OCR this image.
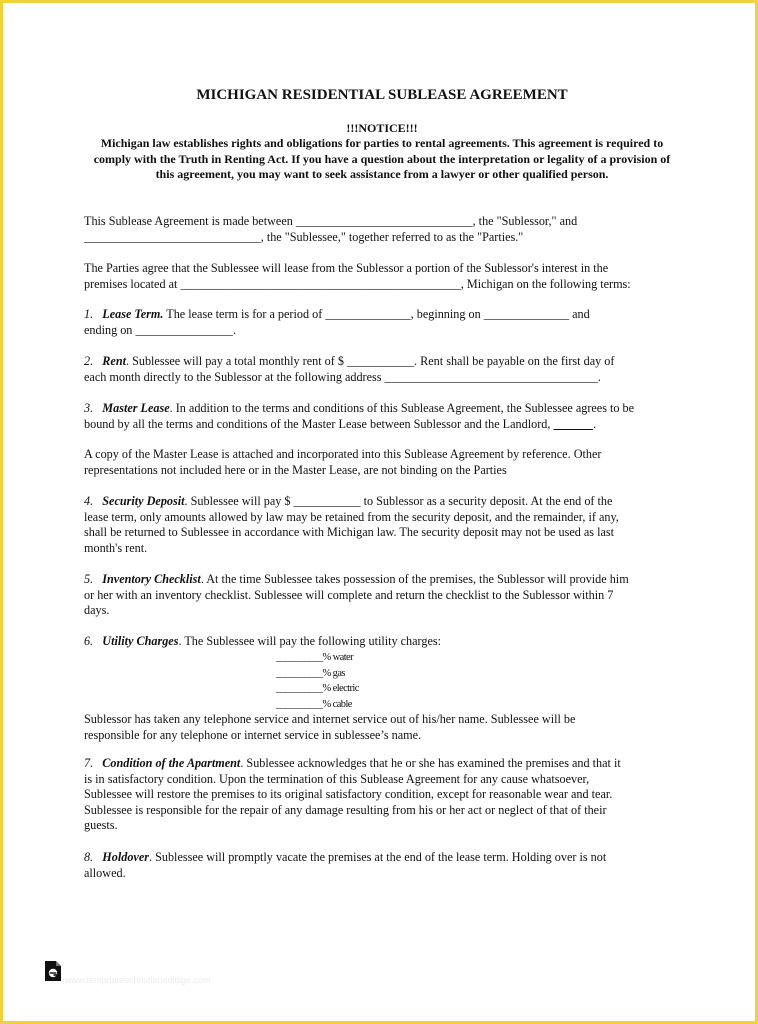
MICHIGAN RESIDENTIAL SUBLEASE AGREEMENT
!!!NOTICE!!!
Michigan law establishes rights and obligations for parties to rental agreements. This agreement is required to comply with the Truth in Renting Act. If you have a question about the interpretation or legality of a provision of this agreement, you may want to seek assistance from a lawyer or other qualified person.

This Sublease Agreement is made between _____________________________, the "Sublessor," and
_____________________________, the "Sublessee," together referred to as the "Parties."

The Parties agree that the Sublessee will lease from the Sublessor a portion of the Sublessor's interest in the
premises located at ______________________________________________, Michigan on the following terms:

1. Lease Term. The lease term is for a period of ______________, beginning on ______________ and
ending on ________________.

2. Rent. Sublessee will pay a total monthly rent of $ ___________. Rent shall be payable on the first day of
each month directly to the Sublessor at the following address ___________________________________.

3. Master Lease. In addition to the terms and conditions of this Sublease Agreement, the Sublessee agrees to be
bound by all the terms and conditions of the Master Lease between Sublessor and the Landlord,	.

A copy of the Master Lease is attached and incorporated into this Sublease Agreement by reference. Other
representations not included here or in the Master Lease, are not binding on the Parties

4. Security Deposit. Sublessee will pay $ ___________ to Sublessor as a security deposit. At the end of the
lease term, only amounts allowed by law may be retained from the security deposit, and the remainder, if any,
shall be returned to Sublessee in accordance with Michigan law. The security deposit may not be used as last
month's rent.

5. Inventory Checklist. At the time Sublessee takes possession of the premises, the Sublessor will provide him
or her with an inventory checklist. Sublessee will complete and return the checklist to the Sublessor within 7
days.

6. Utility Charges. The Sublessee will pay the following utility charges:

__________% water
__________% gas
__________% electric
__________% cable

Sublessor has taken any telephone service and internet service out of his/her name. Sublessee will be
responsible for any telephone or internet service in sublessee’s name.

7. Condition of the Apartment. Sublessee acknowledges that he or she has examined the premises and that it
is in satisfactory condition. Upon the termination of this Sublease Agreement for any cause whatsoever,
Sublessee will restore the premises to its original satisfactory condition, except for reasonable wear and tear.
Sublessee is responsible for the repair of any damage resulting from his or her act or neglect of that of their
guests.

8. Holdover. Sublessee will promptly vacate the premises at the end of the lease term. Holding over is not
allowed.

www.tempdatedchristianeditlige.com
